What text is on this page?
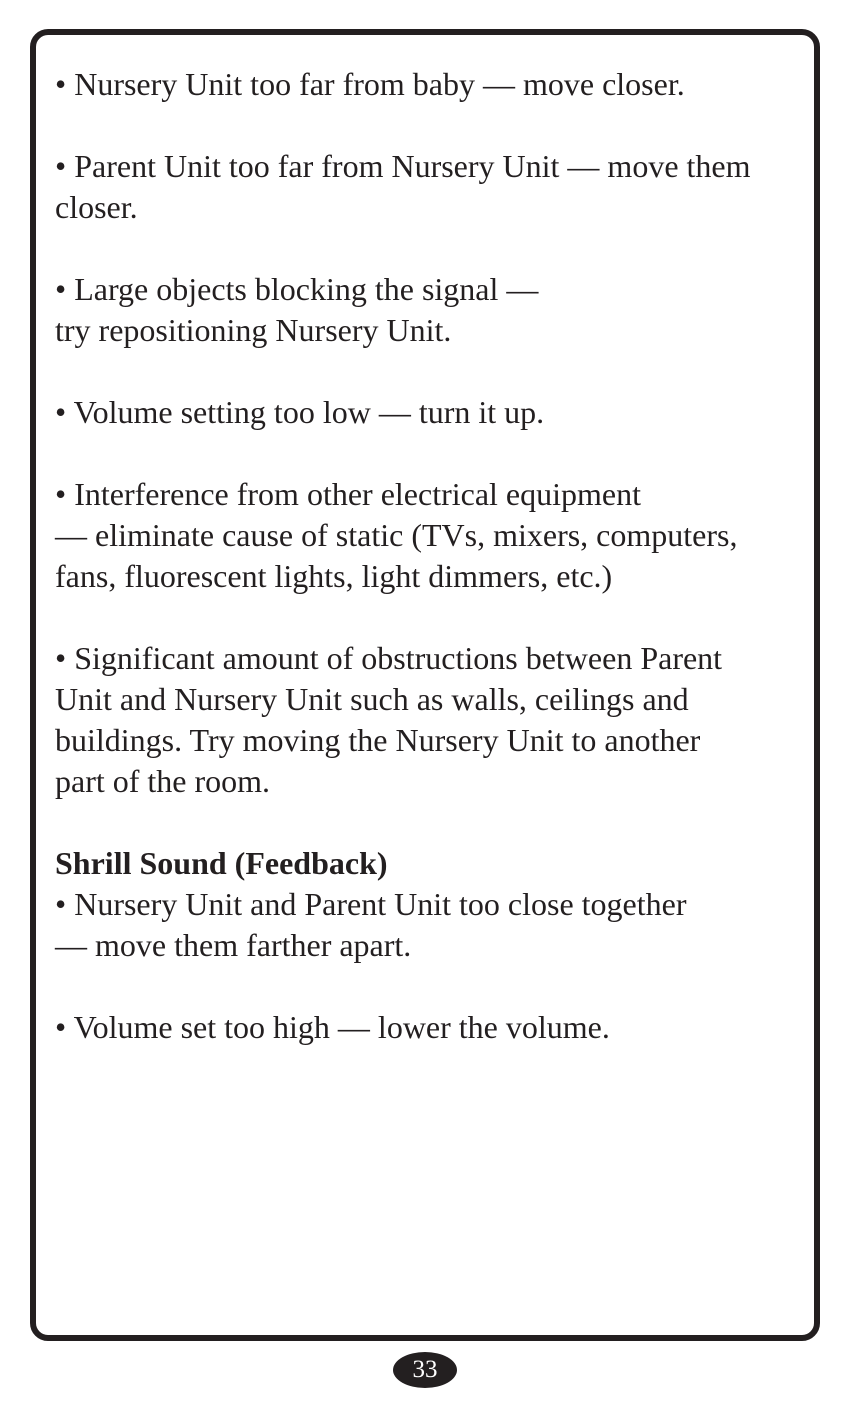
• Nursery Unit too far from baby — move closer.

• Parent Unit too far from Nursery Unit — move them
closer.

• Large objects blocking the signal —
try repositioning Nursery Unit.

• Volume setting too low — turn it up.

• Interference from other electrical equipment
— eliminate cause of static (TVs, mixers, computers,
fans, fluorescent lights, light dimmers, etc.)

• Significant amount of obstructions between Parent
Unit and Nursery Unit such as walls, ceilings and
buildings. Try moving the Nursery Unit to another
part of the room.

Shrill Sound (Feedback)

• Nursery Unit and Parent Unit too close together
— move them farther apart.

• Volume set too high — lower the volume.

33
